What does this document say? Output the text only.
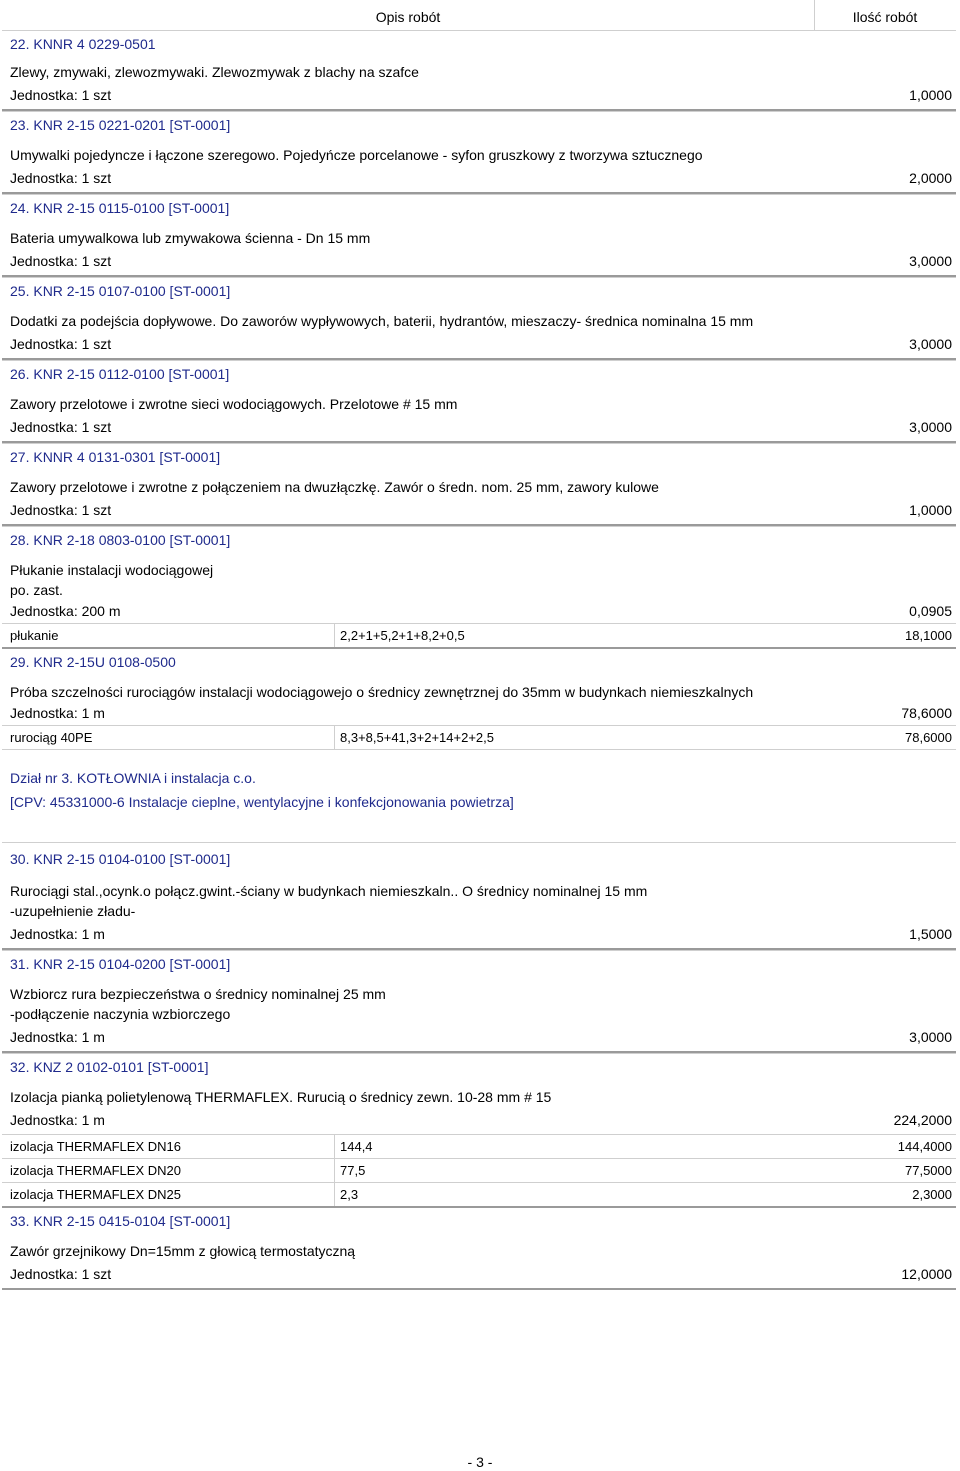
Opis robót	Ilość robót
22. KNNR 4 0229-0501
Zlewy, zmywaki, zlewozmywaki. Zlewozmywak z blachy na szafce
Jednostka: 1 szt	1,0000
23. KNR 2-15 0221-0201 [ST-0001]
Umywalki pojedyncze i łączone szeregowo. Pojedyńcze porcelanowe - syfon gruszkowy z tworzywa sztucznego
Jednostka: 1 szt	2,0000
24. KNR 2-15 0115-0100 [ST-0001]
Bateria umywalkowa lub zmywakowa ścienna - Dn 15 mm
Jednostka: 1 szt	3,0000
25. KNR 2-15 0107-0100 [ST-0001]
Dodatki za podejścia dopływowe. Do zaworów wypływowych, baterii, hydrantów, mieszaczy- średnica nominalna 15 mm
Jednostka: 1 szt	3,0000
26. KNR 2-15 0112-0100 [ST-0001]
Zawory przelotowe i zwrotne sieci wodociągowych. Przelotowe # 15 mm
Jednostka: 1 szt	3,0000
27. KNNR 4 0131-0301 [ST-0001]
Zawory przelotowe i zwrotne z połączeniem na dwuzłączkę. Zawór o średn. nom. 25 mm, zawory kulowe
Jednostka: 1 szt	1,0000
28. KNR 2-18 0803-0100 [ST-0001]
Płukanie instalacji wodociągowej
po. zast.
Jednostka: 200 m	0,0905
płukanie	2,2+1+5,2+1+8,2+0,5	18,1000
29. KNR 2-15U 0108-0500
Próba szczelności rurociągów instalacji wodociągowejo o średnicy zewnętrznej do 35mm w budynkach niemieszkalnych
Jednostka: 1 m	78,6000
rurociąg 40PE	8,3+8,5+41,3+2+14+2+2,5	78,6000
Dział nr 3. KOTŁOWNIA i instalacja c.o.
[CPV: 45331000-6 Instalacje cieplne, wentylacyjne i konfekcjonowania powietrza]
30. KNR 2-15 0104-0100 [ST-0001]
Rurociągi stal.,ocynk.o połącz.gwint.-ściany w budynkach niemieszkaln.. O średnicy nominalnej 15 mm
-uzupełnienie zładu-
Jednostka: 1 m	1,5000
31. KNR 2-15 0104-0200 [ST-0001]
Wzbiorcz rura bezpieczeństwa o średnicy nominalnej 25 mm
-podłączenie naczynia wzbiorczego
Jednostka: 1 m	3,0000
32. KNZ 2 0102-0101 [ST-0001]
Izolacja pianką polietylenową THERMAFLEX. Rurucią o średnicy zewn. 10-28 mm # 15
Jednostka: 1 m	224,2000
izolacja THERMAFLEX DN16	144,4	144,4000
izolacja THERMAFLEX DN20	77,5	77,5000
izolacja THERMAFLEX DN25	2,3	2,3000
33. KNR 2-15 0415-0104 [ST-0001]
Zawór grzejnikowy Dn=15mm z głowicą termostatyczną
Jednostka: 1 szt	12,0000
- 3 -
